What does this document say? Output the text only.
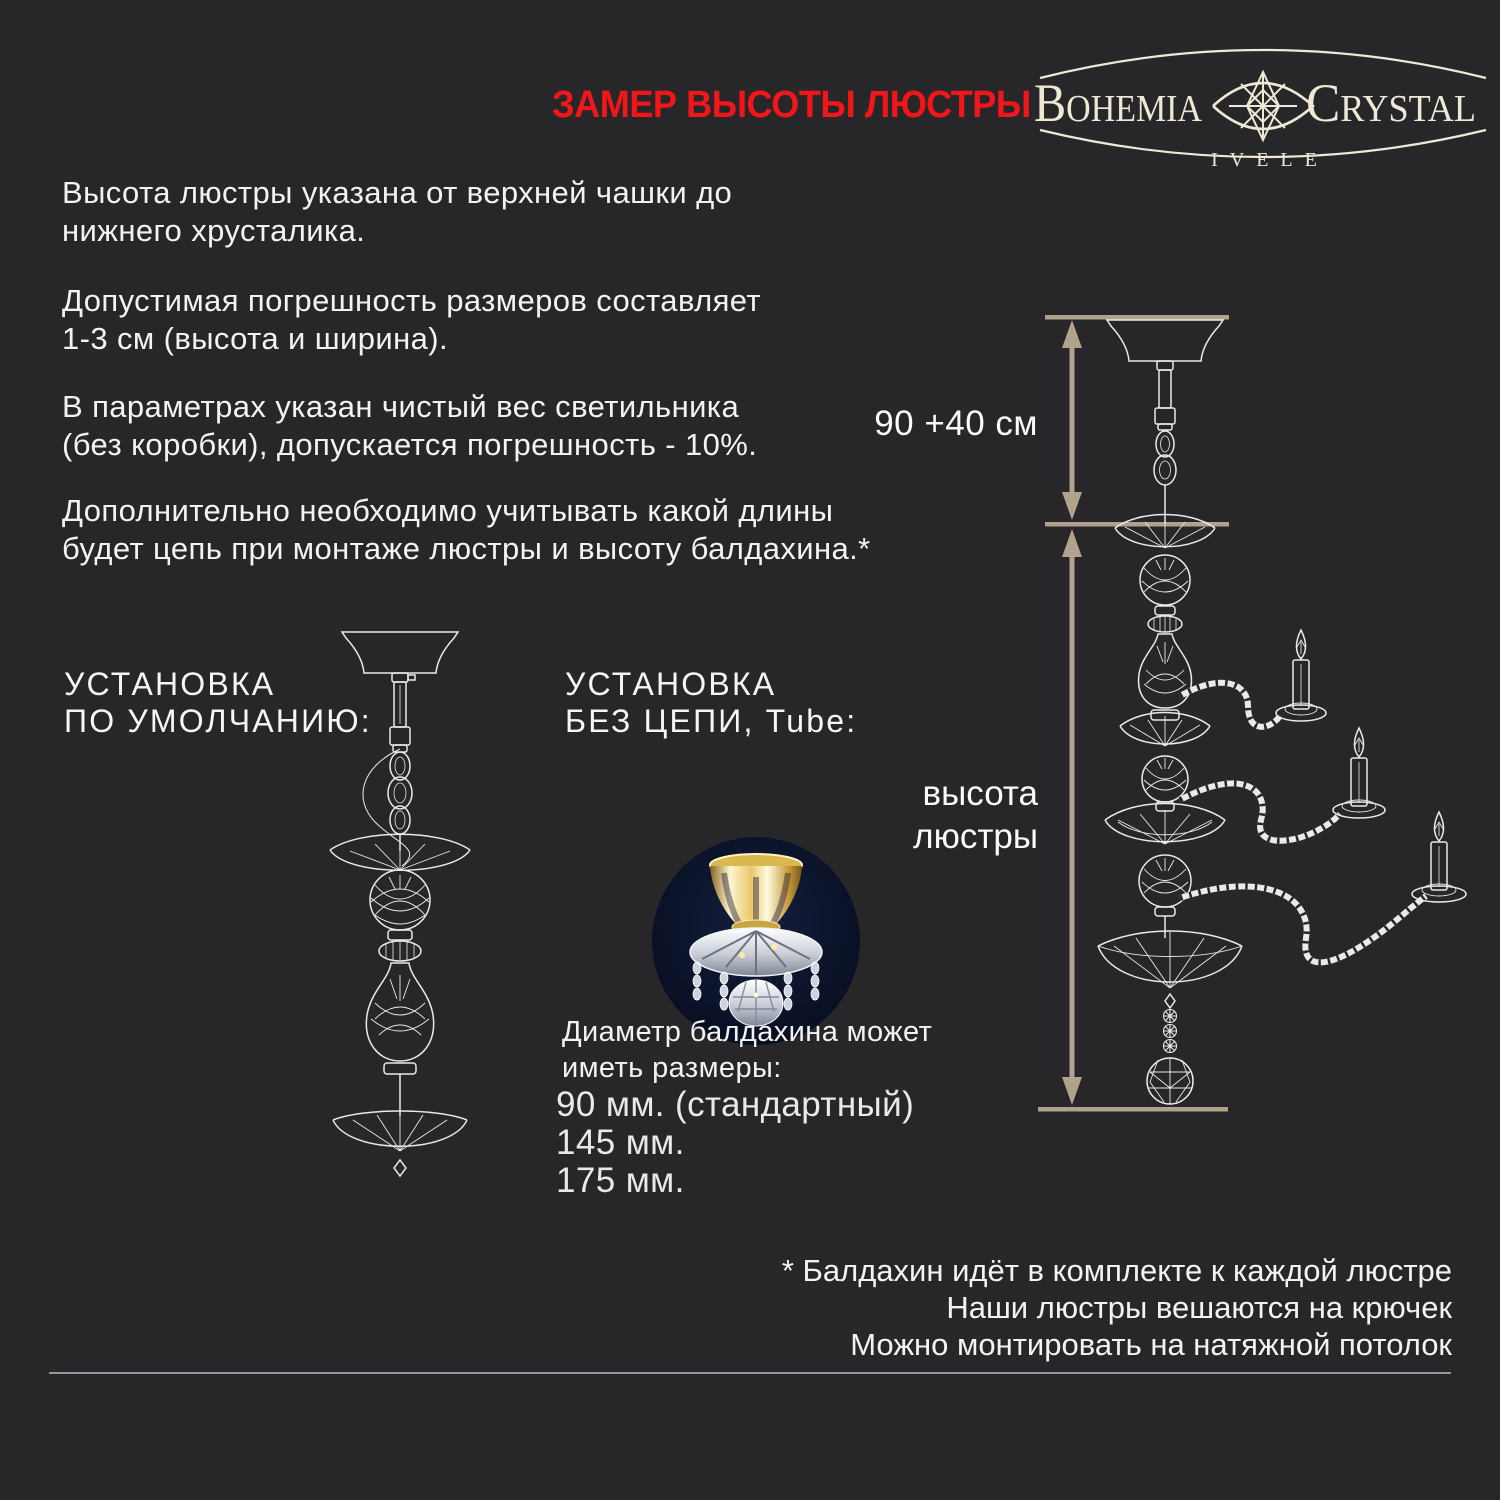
ЗАМЕР ВЫСОТЫ ЛЮСТРЫ Bohemia Crystal
IVELE
Высота люстры указана от верхней чашки до
нижнего хрусталика.
Допустимая погрешность размеров составляет
1-3 см (высота и ширина).
В параметрах указан чистый вес светильника
(без коробки), допускается погрешность - 10%.
Дополнительно необходимо учитывать какой длины
будет цепь при монтаже люстры и высоту балдахина.*
УСТАНОВКА
ПО УМОЛЧАНИЮ:
УСТАНОВКА
БЕЗ ЦЕПИ, Tube:
Диаметр балдахина может
иметь размеры:
90 мм. (стандартный)
145 мм.
175 мм.
90 +40 см
высота
люстры
* Балдахин идёт в комплекте к каждой люстре
Наши люстры вешаются на крючек
Можно монтировать на натяжной потолок
